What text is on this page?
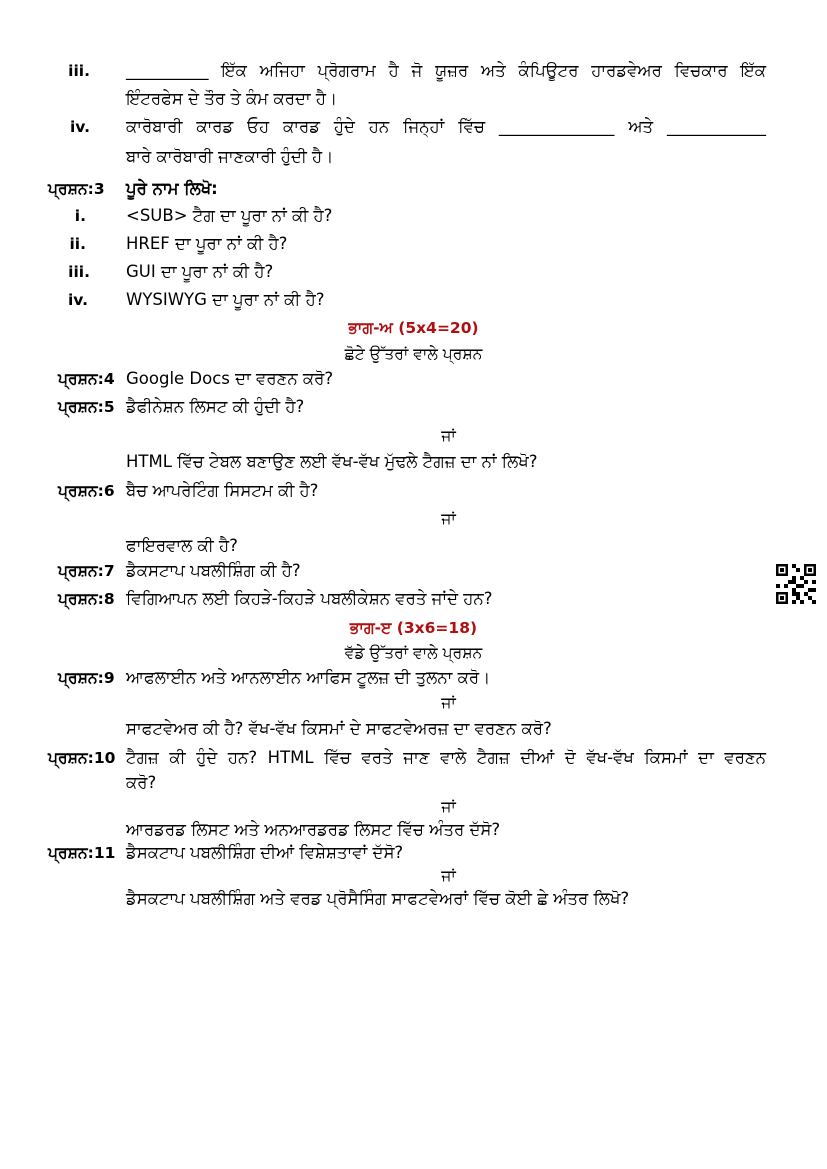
iii. __________ ਇੱਕ ਅਜਿਹਾ ਪ੍ਰੋਗਰਾਮ ਹੈ ਜੋ ਯੂਜ਼ਰ ਅਤੇ ਕੰਪਿਊਟਰ ਹਾਰਡਵੇਅਰ ਵਿਚਕਾਰ ਇੱਕ
ਇੰਟਰਫੇਸ ਦੇ ਤੌਰ ਤੇ ਕੰਮ ਕਰਦਾ ਹੈ।
iv. ਕਾਰੋਬਾਰੀ ਕਾਰਡ ਓਹ ਕਾਰਡ ਹੁੰਦੇ ਹਨ ਜਿਨ੍ਹਾਂ ਵਿੱਚ ______________ ਅਤੇ ____________
ਬਾਰੇ ਕਾਰੋਬਾਰੀ ਜਾਣਕਾਰੀ ਹੁੰਦੀ ਹੈ।
ਪ੍ਰਸ਼ਨ:3 ਪੂਰੇ ਨਾਮ ਲਿਖੋ:
i. <SUB> ਟੈਗ ਦਾ ਪੂਰਾ ਨਾਂ ਕੀ ਹੈ?
ii. HREF ਦਾ ਪੂਰਾ ਨਾਂ ਕੀ ਹੈ?
iii. GUI ਦਾ ਪੂਰਾ ਨਾਂ ਕੀ ਹੈ?
iv. WYSIWYG ਦਾ ਪੂਰਾ ਨਾਂ ਕੀ ਹੈ?
ਭਾਗ-ਅ (5x4=20)
ਛੋਟੇ ਉੱਤਰਾਂ ਵਾਲੇ ਪ੍ਰਸ਼ਨ
ਪ੍ਰਸ਼ਨ:4 Google Docs ਦਾ ਵਰਣਨ ਕਰੋ?
ਪ੍ਰਸ਼ਨ:5 ਡੈਫੀਨੇਸ਼ਨ ਲਿਸਟ ਕੀ ਹੁੰਦੀ ਹੈ?
ਜਾਂ
HTML ਵਿੱਚ ਟੇਬਲ ਬਣਾਉਣ ਲਈ ਵੱਖ-ਵੱਖ ਮੁੱਢਲੇ ਟੈਗਜ਼ ਦਾ ਨਾਂ ਲਿਖੋ?
ਪ੍ਰਸ਼ਨ:6 ਬੈਚ ਆਪਰੇਟਿੰਗ ਸਿਸਟਮ ਕੀ ਹੈ?
ਜਾਂ
ਫਾਇਰਵਾਲ ਕੀ ਹੈ?
ਪ੍ਰਸ਼ਨ:7 ਡੈਕਸਟਾਪ ਪਬਲੀਸ਼ਿੰਗ ਕੀ ਹੈ?
ਪ੍ਰਸ਼ਨ:8 ਵਿਗਿਆਪਨ ਲਈ ਕਿਹੜੇ-ਕਿਹੜੇ ਪਬਲੀਕੇਸ਼ਨ ਵਰਤੇ ਜਾਂਦੇ ਹਨ?
ਭਾਗ-ੲ (3x6=18)
ਵੱਡੇ ਉੱਤਰਾਂ ਵਾਲੇ ਪ੍ਰਸ਼ਨ
ਪ੍ਰਸ਼ਨ:9 ਆਫਲਾਈਨ ਅਤੇ ਆਨਲਾਈਨ ਆਫਿਸ ਟੂਲਜ਼ ਦੀ ਤੁਲਨਾ ਕਰੋ।
ਜਾਂ
ਸਾਫਟਵੇਅਰ ਕੀ ਹੈ? ਵੱਖ-ਵੱਖ ਕਿਸਮਾਂ ਦੇ ਸਾਫਟਵੇਅਰਜ਼ ਦਾ ਵਰਣਨ ਕਰੋ?
ਪ੍ਰਸ਼ਨ:10 ਟੈਗਜ਼ ਕੀ ਹੁੰਦੇ ਹਨ? HTML ਵਿੱਚ ਵਰਤੇ ਜਾਣ ਵਾਲੇ ਟੈਗਜ਼ ਦੀਆਂ ਦੋ ਵੱਖ-ਵੱਖ ਕਿਸਮਾਂ ਦਾ ਵਰਣਨ
ਕਰੋ?
ਜਾਂ
ਆਰਡਰਡ ਲਿਸਟ ਅਤੇ ਅਨਆਰਡਰਡ ਲਿਸਟ ਵਿੱਚ ਅੰਤਰ ਦੱਸੋ?
ਪ੍ਰਸ਼ਨ:11 ਡੈਸਕਟਾਪ ਪਬਲੀਸ਼ਿੰਗ ਦੀਆਂ ਵਿਸ਼ੇਸ਼ਤਾਵਾਂ ਦੱਸੋ?
ਜਾਂ
ਡੈਸਕਟਾਪ ਪਬਲੀਸ਼ਿੰਗ ਅਤੇ ਵਰਡ ਪ੍ਰੋਸੈਸਿੰਗ ਸਾਫਟਵੇਅਰਾਂ ਵਿੱਚ ਕੋਈ ਛੇ ਅੰਤਰ ਲਿਖੋ?
